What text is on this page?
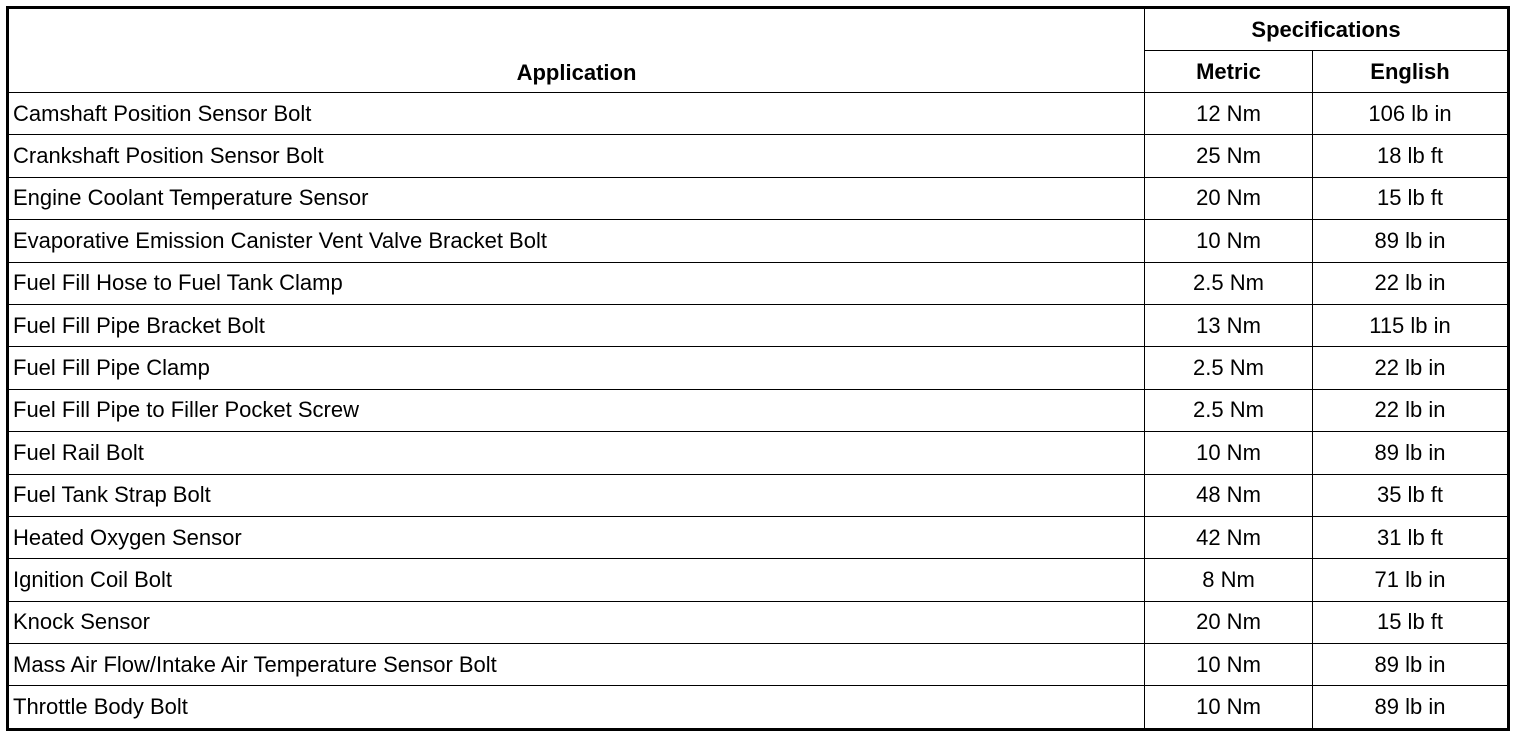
Application	Specifications	
	Metric	English
Camshaft Position Sensor Bolt	12 Nm	106 lb in
Crankshaft Position Sensor Bolt	25 Nm	18 lb ft
Engine Coolant Temperature Sensor	20 Nm	15 lb ft
Evaporative Emission Canister Vent Valve Bracket Bolt	10 Nm	89 lb in
Fuel Fill Hose to Fuel Tank Clamp	2.5 Nm	22 lb in
Fuel Fill Pipe Bracket Bolt	13 Nm	115 lb in
Fuel Fill Pipe Clamp	2.5 Nm	22 lb in
Fuel Fill Pipe to Filler Pocket Screw	2.5 Nm	22 lb in
Fuel Rail Bolt	10 Nm	89 lb in
Fuel Tank Strap Bolt	48 Nm	35 lb ft
Heated Oxygen Sensor	42 Nm	31 lb ft
Ignition Coil Bolt	8 Nm	71 lb in
Knock Sensor	20 Nm	15 lb ft
Mass Air Flow/Intake Air Temperature Sensor Bolt	10 Nm	89 lb in
Throttle Body Bolt	10 Nm	89 lb in
